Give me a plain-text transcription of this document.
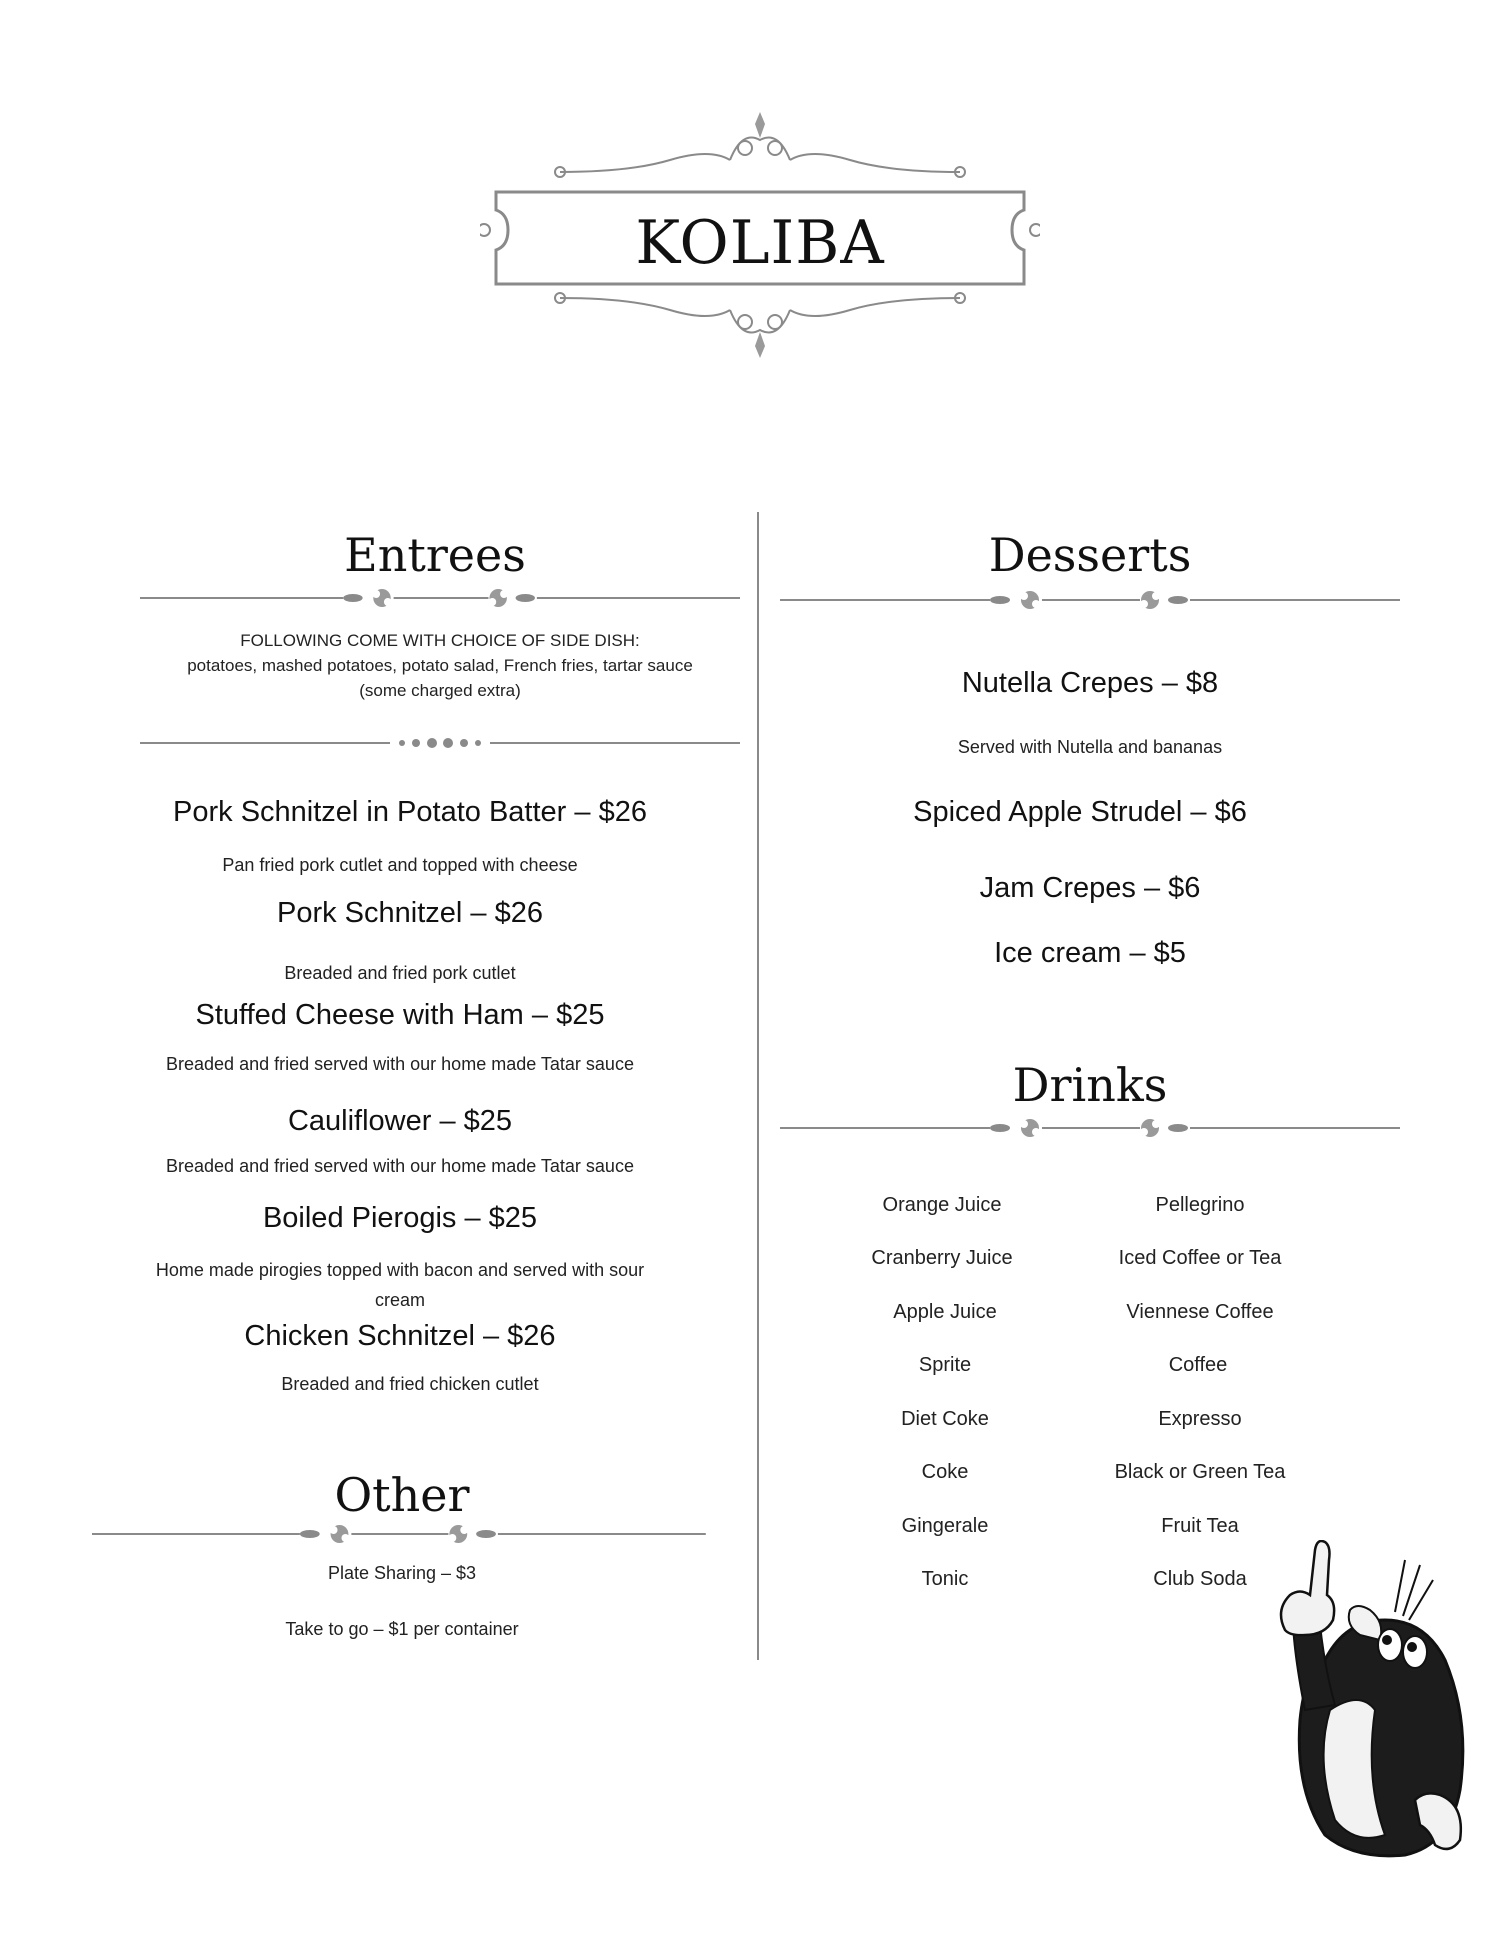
KOLIBA
Entrees
FOLLOWING COME WITH CHOICE OF SIDE DISH:
potatoes, mashed potatoes, potato salad, French fries, tartar sauce
(some charged extra)
Pork Schnitzel in Potato Batter – $26
Pan fried pork cutlet and topped with cheese
Pork Schnitzel – $26
Breaded and fried pork cutlet
Stuffed Cheese with Ham – $25
Breaded and fried served with our home made Tatar sauce
Cauliflower – $25
Breaded and fried served with our home made Tatar sauce
Boiled Pierogis – $25
Home made pirogies topped with bacon and served with sour
cream
Chicken Schnitzel – $26
Breaded and fried chicken cutlet
Other
Plate Sharing – $3
Take to go – $1 per container
Desserts
Nutella Crepes – $8
Served with Nutella and bananas
Spiced Apple Strudel – $6
Jam Crepes – $6
Ice cream – $5
Drinks
Orange Juice
Cranberry Juice
Apple Juice
Sprite
Diet Coke
Coke
Gingerale
Tonic
Pellegrino
Iced Coffee or Tea
Viennese Coffee
Coffee
Expresso
Black or Green Tea
Fruit Tea
Club Soda
